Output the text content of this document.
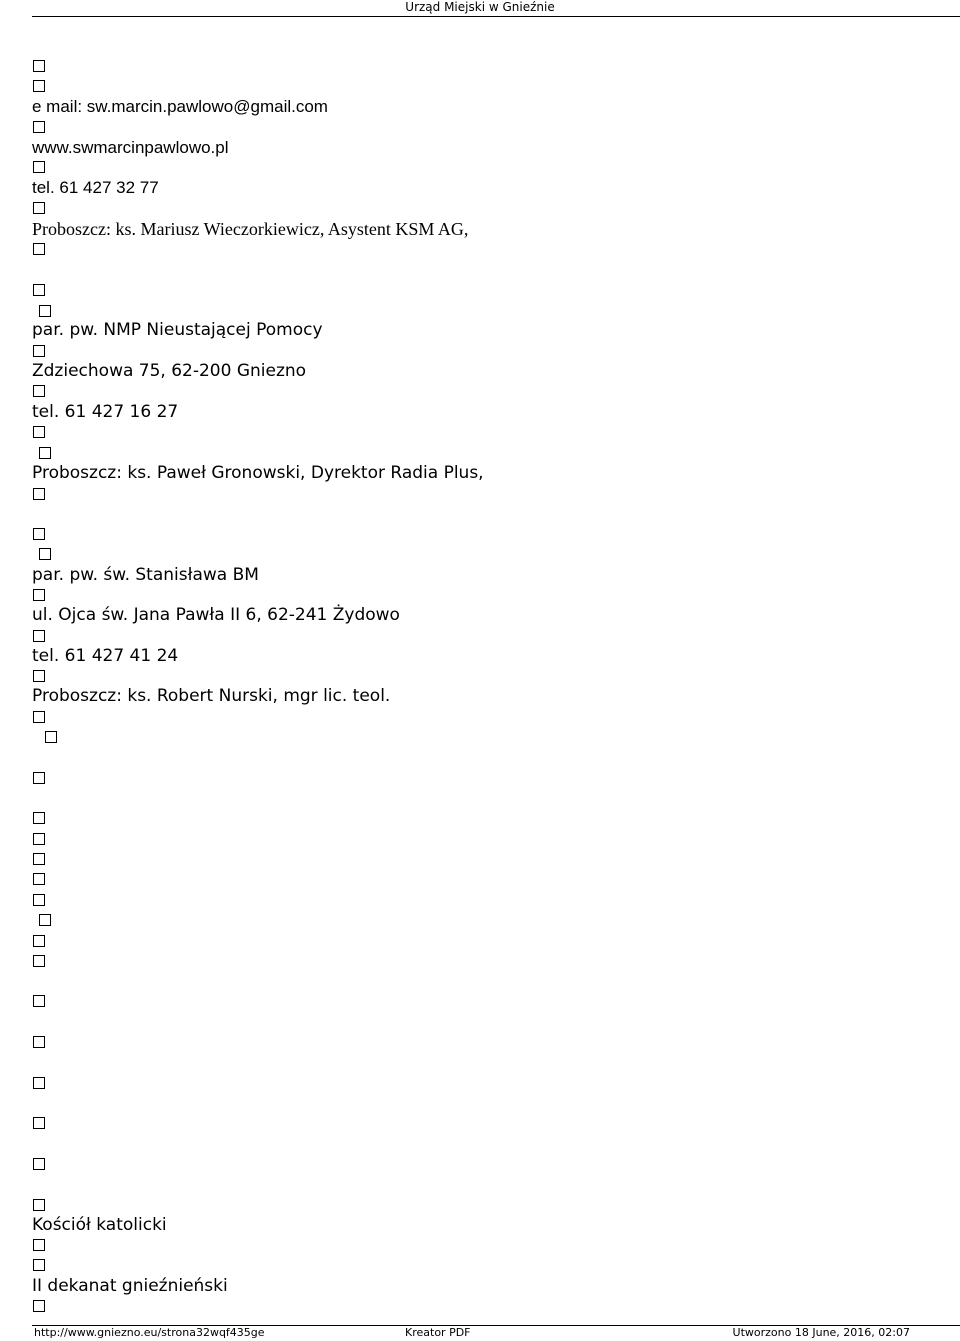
Urząd Miejski w Gnieźnie
e mail: sw.marcin.pawlowo@gmail.com
www.swmarcinpawlowo.pl
tel. 61 427 32 77
Proboszcz: ks. Mariusz Wieczorkiewicz, Asystent KSM AG,
par. pw. NMP Nieustającej Pomocy
Zdziechowa 75, 62-200 Gniezno
tel. 61 427 16 27
Proboszcz: ks. Paweł Gronowski, Dyrektor Radia Plus,
par. pw. św. Stanisława BM
ul. Ojca św. Jana Pawła II 6, 62-241 Żydowo
tel. 61 427 41 24
Proboszcz: ks. Robert Nurski, mgr lic. teol.
Kościół katolicki
II dekanat gnieźnieński
http://www.gniezno.eu/strona32wqf435ge	Kreator PDF	Utworzono 18 June, 2016, 02:07
